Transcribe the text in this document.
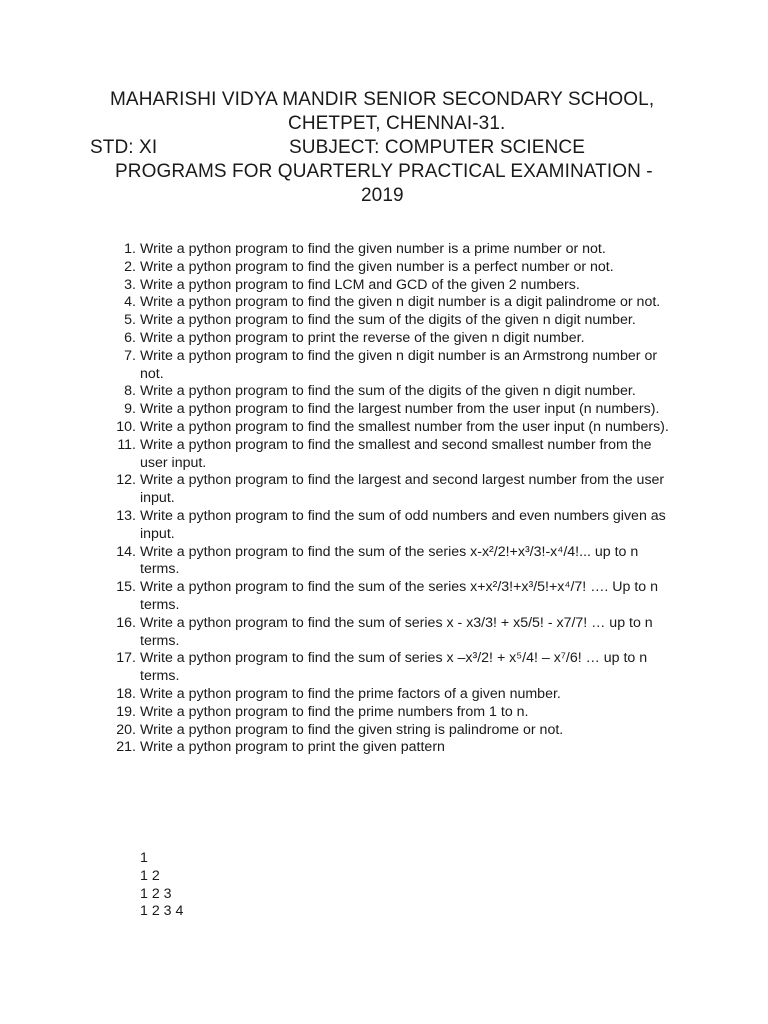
MAHARISHI VIDYA MANDIR SENIOR SECONDARY SCHOOL,
CHETPET, CHENNAI-31.
STD: XI	SUBJECT: COMPUTER SCIENCE
PROGRAMS FOR QUARTERLY PRACTICAL EXAMINATION -
2019
1. Write a python program to find the given number is a prime number or not.
2. Write a python program to find the given number is a perfect number or not.
3. Write a python program to find LCM and GCD of the given 2 numbers.
4. Write a python program to find the given n digit number is a digit palindrome or not.
5. Write a python program to find the sum of the digits of the given n digit number.
6. Write a python program to print the reverse of the given n digit number.
7. Write a python program to find the given n digit number is an Armstrong number or not.
8. Write a python program to find the sum of the digits of the given n digit number.
9. Write a python program to find the largest number from the user input (n numbers).
10. Write a python program to find the smallest number from the user input (n numbers).
11. Write a python program to find the smallest and second smallest number from the user input.
12. Write a python program to find the largest and second largest number from the user input.
13. Write a python program to find the sum of odd numbers and even numbers given as input.
14. Write a python program to find the sum of the series x-x²/2!+x³/3!-x⁴/4!... up to n terms.
15. Write a python program to find the sum of the series x+x²/3!+x³/5!+x⁴/7! …. Up to n terms.
16. Write a python program to find the sum of series x - x3/3! + x5/5! - x7/7! … up to n terms.
17. Write a python program to find the sum of series x –x³/2! + x⁵/4! – x⁷/6! … up to n terms.
18. Write a python program to find the prime factors of a given number.
19. Write a python program to find the prime numbers from 1 to n.
20. Write a python program to find the given string is palindrome or not.
21. Write a python program to print the given pattern
1
1 2
1 2 3
1 2 3 4
